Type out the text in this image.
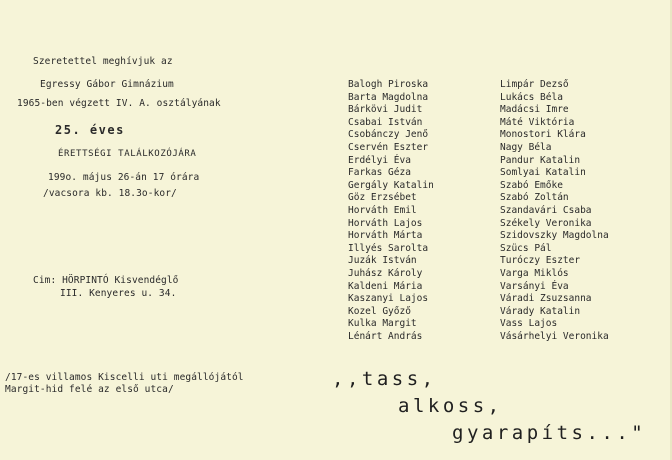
Szeretettel meghívjuk az
Egressy Gábor Gimnázium
1965-ben végzett IV. A. osztályának
25. éves
ÉRETTSÉGI TALÁLKOZÓJÁRA
199o. május 26-án 17 órára
/vacsora kb. 18.3o-kor/
Cim: HÖRPINTÓ Kisvendéglő
III. Kenyeres u. 34.
/17-es villamos Kiscelli uti megállójától
Margit-hid felé az első utca/
Balogh Piroska
Barta Magdolna
Bárkövi Judit
Csabai István
Csobánczy Jenő
Cservén Eszter
Erdélyi Éva
Farkas Géza
Gergály Katalin
Göz Erzsébet
Horváth Emil
Horváth Lajos
Horváth Márta
Illyés Sarolta
Juzák István
Juhász Károly
Kaldeni Mária
Kaszanyi Lajos
Kozel Győző
Kulka Margit
Lénárt András
Limpár Dezső
Lukács Béla
Madácsi Imre
Máté Viktória
Monostori Klára
Nagy Béla
Pandur Katalin
Somlyai Katalin
Szabó Emőke
Szabó Zoltán
Szandavári Csaba
Székely Veronika
Szidovszky Magdolna
Szücs Pál
Turóczy Eszter
Varga Miklós
Varsányi Éva
Váradi Zsuzsanna
Várady Katalin
Vass Lajos
Vásárhelyi Veronika
,,tass,
alkoss,
gyarapíts..."
